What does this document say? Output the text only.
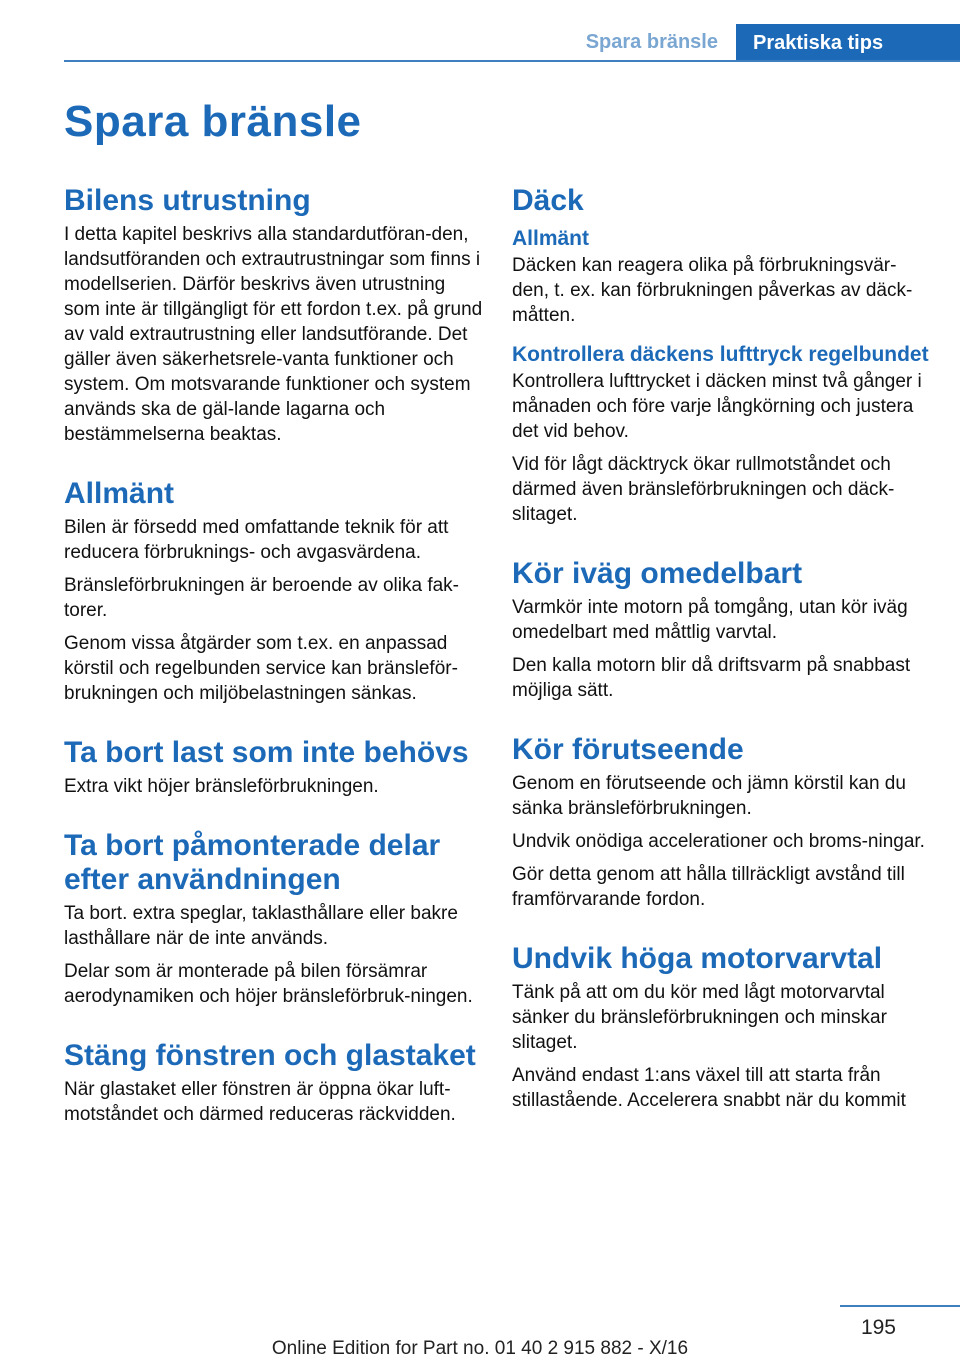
Spara bränsle	Praktiska tips
Spara bränsle
Bilens utrustning

I detta kapitel beskrivs alla standardutföran-den, landsutföranden och extrautrustningar som finns i modellserien. Därför beskrivs även utrustning som inte är tillgängligt för ett fordon t.ex. på grund av vald extrautrustning eller landsutförande. Det gäller även säkerhetsrele-vanta funktioner och system. Om motsvarande funktioner och system används ska de gäl-lande lagarna och bestämmelserna beaktas.

Allmänt

Bilen är försedd med omfattande teknik för att reducera förbruknings- och avgasvärdena.

Bränsleförbrukningen är beroende av olika fak-torer.

Genom vissa åtgärder som t.ex. en anpassad körstil och regelbunden service kan bränsleför-brukningen och miljöbelastningen sänkas.

Ta bort last som inte behövs

Extra vikt höjer bränsleförbrukningen.

Ta bort påmonterade delar efter användningen

Ta bort. extra speglar, taklasthållare eller bakre lasthållare när de inte används.

Delar som är monterade på bilen försämrar aerodynamiken och höjer bränsleförbruk-ningen.

Stäng fönstren och glastaket

När glastaket eller fönstren är öppna ökar luft-motståndet och därmed reduceras räckvidden.

Däck
Allmänt

Däcken kan reagera olika på förbrukningsvär-den, t. ex. kan förbrukningen påverkas av däck-måtten.

Kontrollera däckens lufttryck regelbundet

Kontrollera lufttrycket i däcken minst två gånger i månaden och före varje långkörning och justera det vid behov.

Vid för lågt däcktryck ökar rullmotståndet och därmed även bränsleförbrukningen och däck-slitaget.

Kör iväg omedelbart

Varmkör inte motorn på tomgång, utan kör iväg omedelbart med måttlig varvtal.

Den kalla motorn blir då driftsvarm på snabbast möjliga sätt.

Kör förutseende

Genom en förutseende och jämn körstil kan du sänka bränsleförbrukningen.

Undvik onödiga accelerationer och broms-ningar.

Gör detta genom att hålla tillräckligt avstånd till framförvarande fordon.

Undvik höga motorvarvtal

Tänk på att om du kör med lågt motorvarvtal sänker du bränsleförbrukningen och minskar slitaget.

Använd endast 1:ans växel till att starta från stillastående. Accelerera snabbt när du kommit

195
Online Edition for Part no. 01 40 2 915 882 - X/16
